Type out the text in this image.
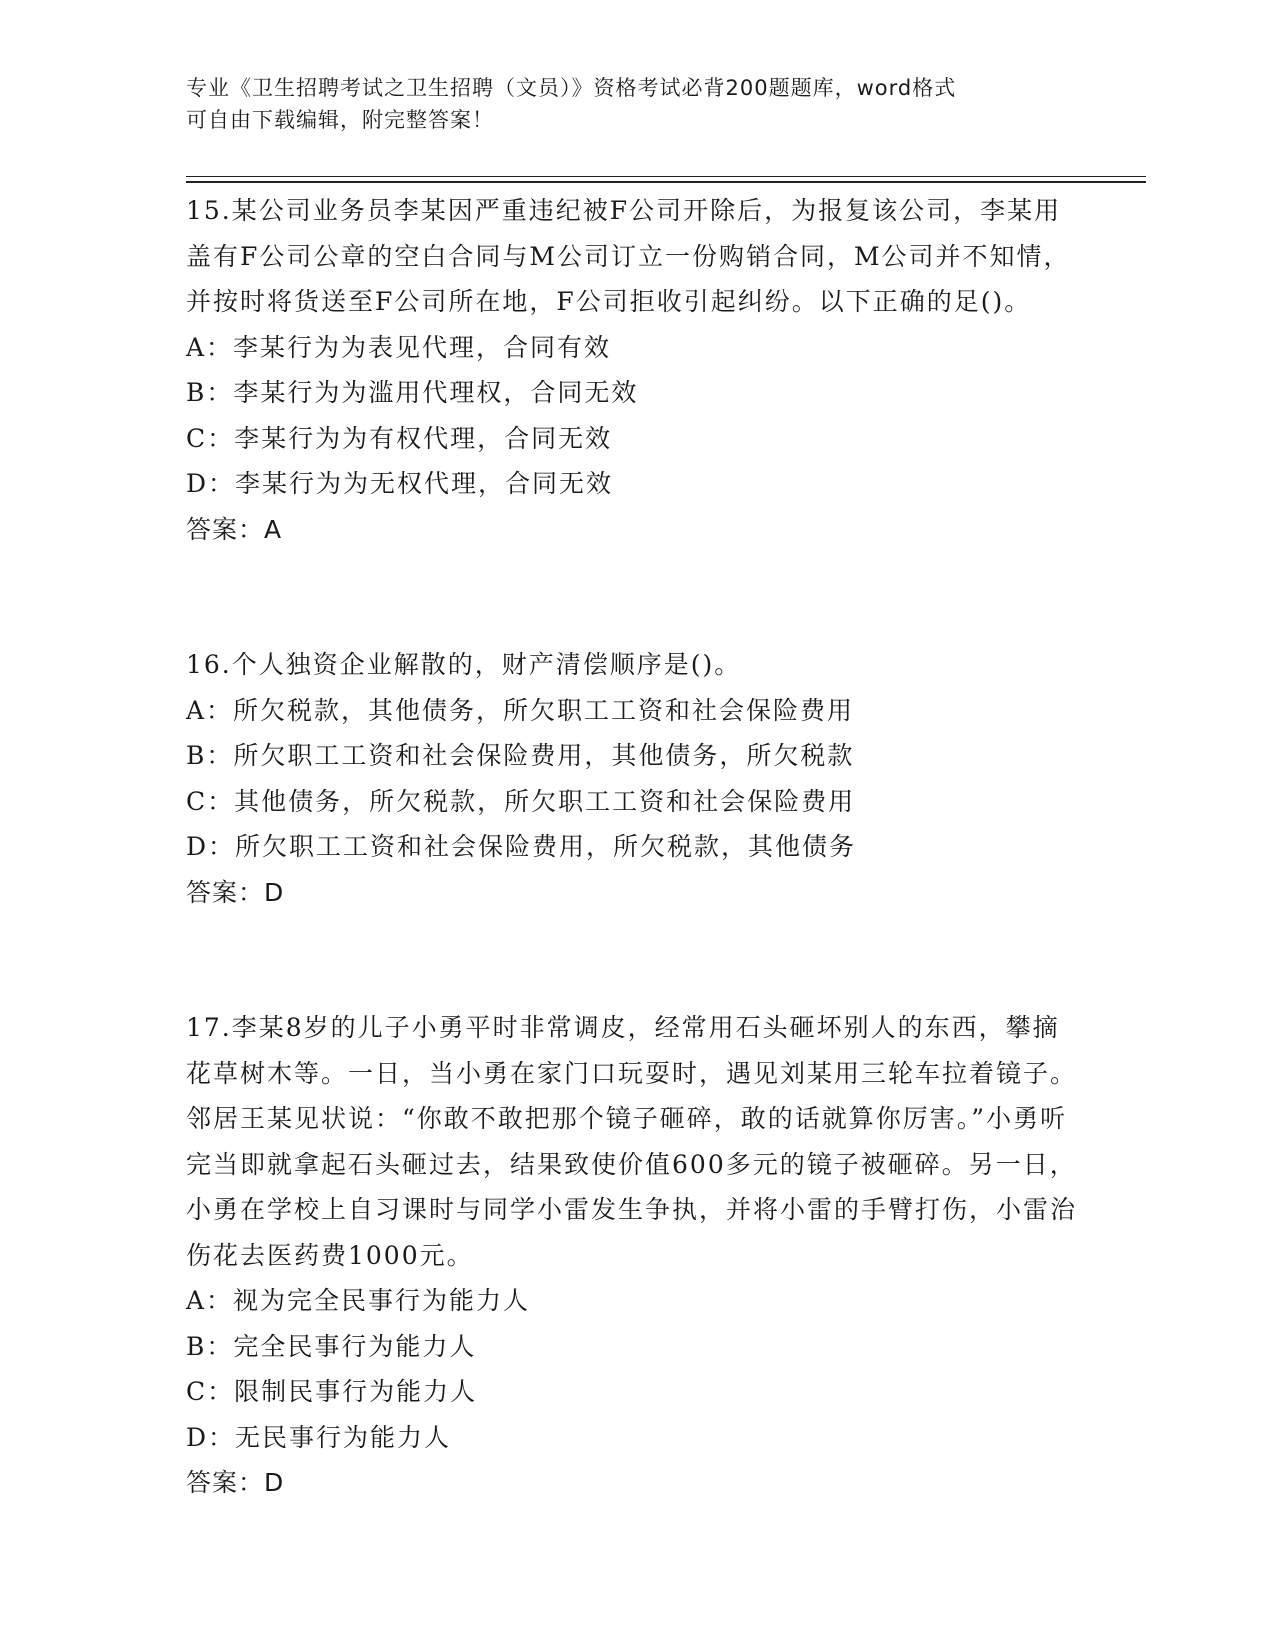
专业《卫生招聘考试之卫生招聘（文员）》资格考试必背200题题库，word格式
可自由下载编辑，附完整答案！

15.某公司业务员李某因严重违纪被F公司开除后，为报复该公司，李某用盖有F公司公章的空白合同与M公司订立一份购销合同，M公司并不知情，并按时将货送至F公司所在地，F公司拒收引起纠纷。以下正确的足()。

A：李某行为为表见代理，合同有效

B：李某行为为滥用代理权，合同无效

C：李某行为为有权代理，合同无效

D：李某行为为无权代理，合同无效

答案：A

16.个人独资企业解散的，财产清偿顺序是()。

A：所欠税款，其他债务，所欠职工工资和社会保险费用

B：所欠职工工资和社会保险费用，其他债务，所欠税款

C：其他债务，所欠税款，所欠职工工资和社会保险费用

D：所欠职工工资和社会保险费用，所欠税款，其他债务

答案：D

17.李某8岁的儿子小勇平时非常调皮，经常用石头砸坏别人的东西，攀摘花草树木等。一日，当小勇在家门口玩耍时，遇见刘某用三轮车拉着镜子。邻居王某见状说：“你敢不敢把那个镜子砸碎，敢的话就算你厉害。”小勇听完当即就拿起石头砸过去，结果致使价值600多元的镜子被砸碎。另一日，小勇在学校上自习课时与同学小雷发生争执，并将小雷的手臂打伤，小雷治伤花去医药费1000元。

A：视为完全民事行为能力人

B：完全民事行为能力人

C：限制民事行为能力人

D：无民事行为能力人

答案：D
